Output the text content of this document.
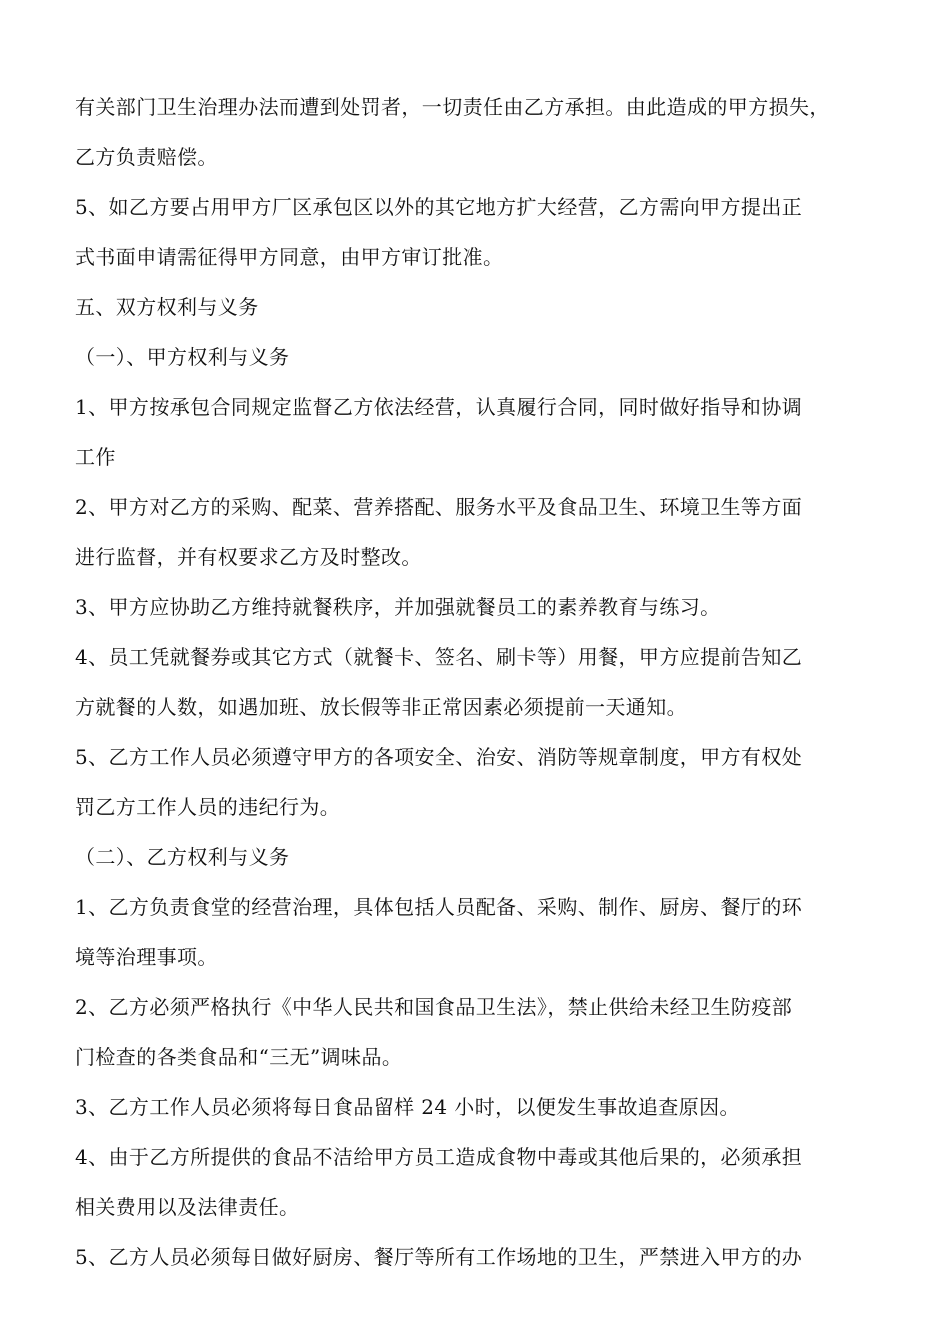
有关部门卫生治理办法而遭到处罚者，一切责任由乙方承担。由此造成的甲方损失，
乙方负责赔偿。
5、如乙方要占用甲方厂区承包区以外的其它地方扩大经营，乙方需向甲方提出正
式书面申请需征得甲方同意，由甲方审订批准。
五、双方权利与义务
（一）、甲方权利与义务
1、甲方按承包合同规定监督乙方依法经营，认真履行合同，同时做好指导和协调
工作
2、甲方对乙方的采购、配菜、营养搭配、服务水平及食品卫生、环境卫生等方面
进行监督，并有权要求乙方及时整改。
3、甲方应协助乙方维持就餐秩序，并加强就餐员工的素养教育与练习。
4、员工凭就餐券或其它方式（就餐卡、签名、刷卡等）用餐，甲方应提前告知乙
方就餐的人数，如遇加班、放长假等非正常因素必须提前一天通知。
5、乙方工作人员必须遵守甲方的各项安全、治安、消防等规章制度，甲方有权处
罚乙方工作人员的违纪行为。
（二）、乙方权利与义务
1、乙方负责食堂的经营治理，具体包括人员配备、采购、制作、厨房、餐厅的环
境等治理事项。
2、乙方必须严格执行《中华人民共和国食品卫生法》，禁止供给未经卫生防疫部
门检查的各类食品和“三无”调味品。
3、乙方工作人员必须将每日食品留样 24 小时，以便发生事故追查原因。
4、由于乙方所提供的食品不洁给甲方员工造成食物中毒或其他后果的，必须承担
相关费用以及法律责任。
5、乙方人员必须每日做好厨房、餐厅等所有工作场地的卫生，严禁进入甲方的办
